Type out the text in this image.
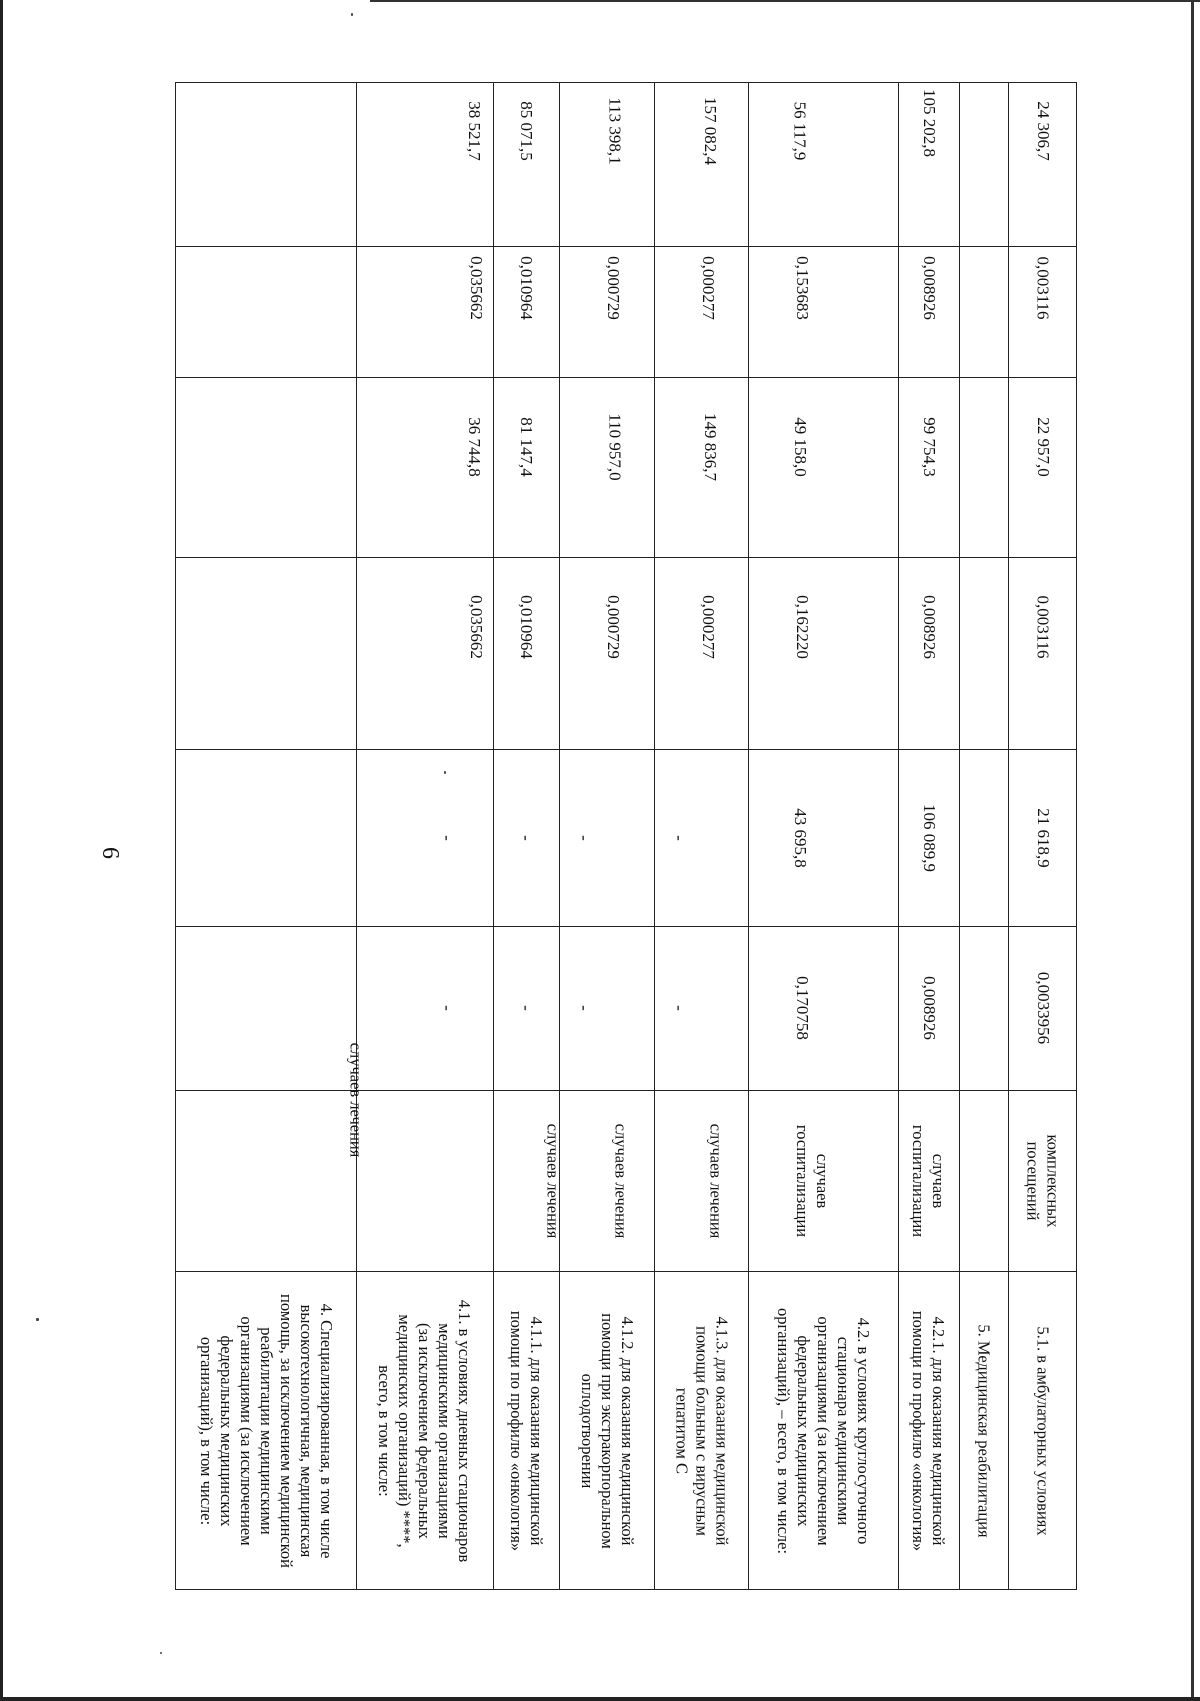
6
4. Специализированная, в том числе
высокотехнологичная, медицинская
помощь, за исключением медицинской
реабилитации медицинскими
организациями (за исключением
федеральных медицинских
организаций), в том числе:
4.1. в условиях дневных стационаров
медицинскими организациями
(за исключением федеральных
медицинских организаций) ****,
всего, в том числе:
случаев лечения
-
-
0,035662
36 744,8
0,035662
38 521,7
4.1.1. для оказания медицинской
помощи по профилю «онкология»
случаев лечения
-
-
0,010964
81 147,4
0,010964
85 071,5
4.1.2. для оказания медицинской
помощи при экстракорпоральном
оплодотворении
случаев лечения
-
-
0,000729
110 957,0
0,000729
113 398,1
4.1.3. для оказания медицинской
помощи больным с вирусным
гепатитом С
случаев лечения
-
-
0,000277
149 836,7
0,000277
157 082,4
4.2. в условиях круглосуточного
стационара медицинскими
организациями (за исключением
федеральных медицинских
организаций), – всего, в том числе:
случаев
госпитализации
0,170758
43 695,8
0,162220
49 158,0
0,153683
56 117,9
4.2.1. для оказания медицинской
помощи по профилю «онкология»
случаев
госпитализации
0,008926
106 089,9
0,008926
99 754,3
0,008926
105 202,8
5. Медицинская реабилитация 5.1. в амбулаторных условиях
комплексных
посещений
0,0033956
21 618,9
0,003116
22 957,0
0,003116
24 306,7
